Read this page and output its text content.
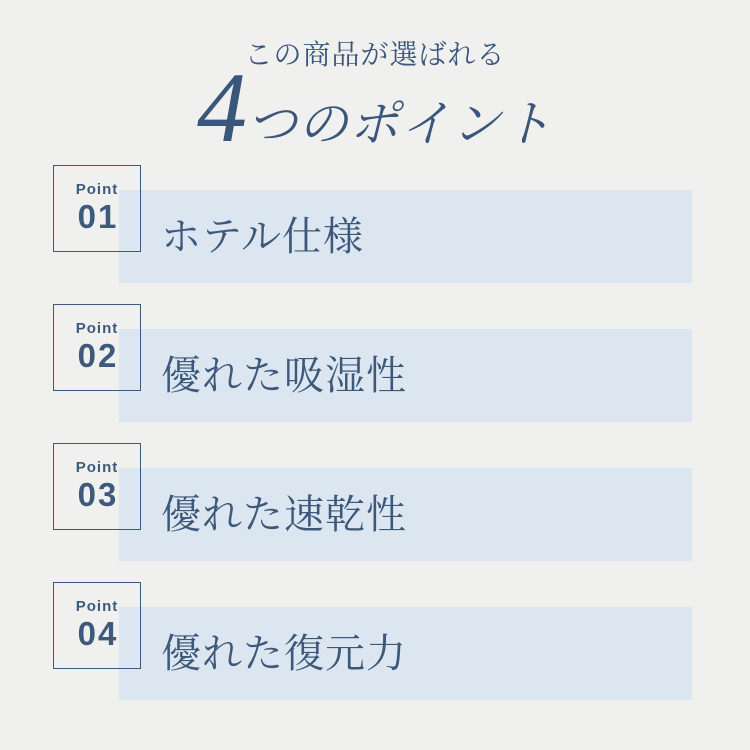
この商品が選ばれる
4 つのポイント
ホテル仕様
Point
01
優れた吸湿性
Point
02
優れた速乾性
Point
03
優れた復元力
Point
04
